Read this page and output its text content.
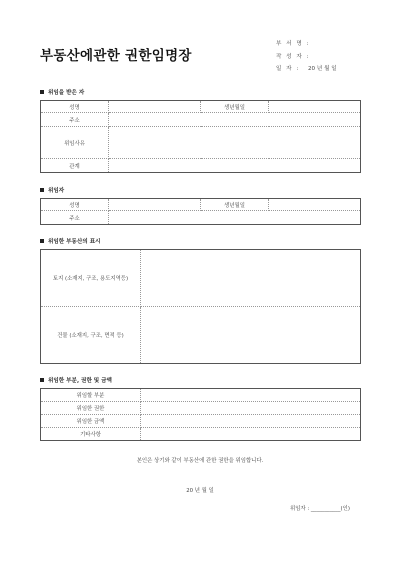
부동산에관한 권한임명장
부 서 명 :
작 성 자 :
일 자 :	20 년 월 일
위임을 받은 자
성명		생년월일	
주소			
위임사유			
관계			
위임자
성명		생년월일	
주소			
위임한 부동산의 표시
토지 (소재지, 구조, 용도지역등)	
건물 (소재지, 구조, 면적 등)	
위임한 부분, 권한 및 금액
위임할 부분	
위임한 권한	
위임한 금액	
기타사항	
본인은 상기와 같이 부동산에 관한 권한을 위임합니다.
20 년 월 일
위임자 : ___________(인)
